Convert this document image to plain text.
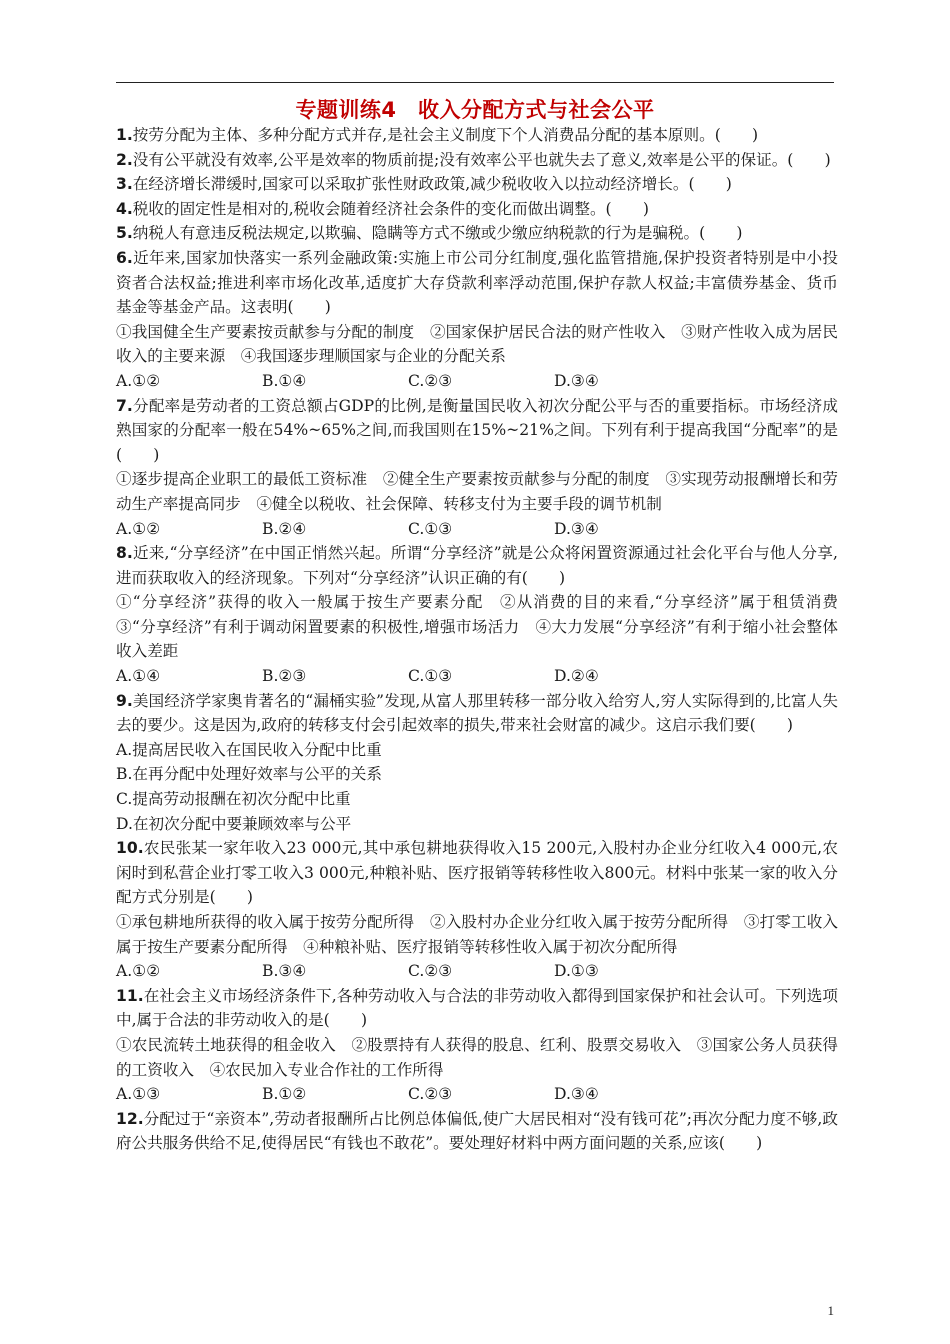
专题训练4　收入分配方式与社会公平

1.按劳分配为主体、多种分配方式并存,是社会主义制度下个人消费品分配的基本原则。(　　)

2.没有公平就没有效率,公平是效率的物质前提;没有效率公平也就失去了意义,效率是公平的保证。(　　)

3.在经济增长滞缓时,国家可以采取扩张性财政政策,减少税收收入以拉动经济增长。(　　)

4.税收的固定性是相对的,税收会随着经济社会条件的变化而做出调整。(　　)

5.纳税人有意违反税法规定,以欺骗、隐瞒等方式不缴或少缴应纳税款的行为是骗税。(　　)

6.近年来,国家加快落实一系列金融政策:实施上市公司分红制度,强化监管措施,保护投资者特别是中小投资者合法权益;推进利率市场化改革,适度扩大存贷款利率浮动范围,保护存款人权益;丰富债券基金、货币基金等基金产品。这表明(　　)

①我国健全生产要素按贡献参与分配的制度　②国家保护居民合法的财产性收入　③财产性收入成为居民收入的主要来源　④我国逐步理顺国家与企业的分配关系

A.①②	B.①④	C.②③	D.③④

7.分配率是劳动者的工资总额占GDP的比例,是衡量国民收入初次分配公平与否的重要指标。市场经济成熟国家的分配率一般在54%~65%之间,而我国则在15%~21%之间。下列有利于提高我国“分配率”的是(　　)

①逐步提高企业职工的最低工资标准　②健全生产要素按贡献参与分配的制度　③实现劳动报酬增长和劳动生产率提高同步　④健全以税收、社会保障、转移支付为主要手段的调节机制

A.①②	B.②④	C.①③	D.③④

8.近来,“分享经济”在中国正悄然兴起。所谓“分享经济”就是公众将闲置资源通过社会化平台与他人分享,进而获取收入的经济现象。下列对“分享经济”认识正确的有(　　)

①“分享经济”获得的收入一般属于按生产要素分配　②从消费的目的来看,“分享经济”属于租赁消费　③“分享经济”有利于调动闲置要素的积极性,增强市场活力　④大力发展“分享经济”有利于缩小社会整体收入差距

A.①④	B.②③	C.①③	D.②④

9.美国经济学家奥肯著名的“漏桶实验”发现,从富人那里转移一部分收入给穷人,穷人实际得到的,比富人失去的要少。这是因为,政府的转移支付会引起效率的损失,带来社会财富的减少。这启示我们要(　　)

A.提高居民收入在国民收入分配中比重

B.在再分配中处理好效率与公平的关系

C.提高劳动报酬在初次分配中比重

D.在初次分配中要兼顾效率与公平

10.农民张某一家年收入23 000元,其中承包耕地获得收入15 200元,入股村办企业分红收入4 000元,农闲时到私营企业打零工收入3 000元,种粮补贴、医疗报销等转移性收入800元。材料中张某一家的收入分配方式分别是(　　)

①承包耕地所获得的收入属于按劳分配所得　②入股村办企业分红收入属于按劳分配所得　③打零工收入属于按生产要素分配所得　④种粮补贴、医疗报销等转移性收入属于初次分配所得

A.①②	B.③④	C.②③	D.①③

11.在社会主义市场经济条件下,各种劳动收入与合法的非劳动收入都得到国家保护和社会认可。下列选项中,属于合法的非劳动收入的是(　　)

①农民流转土地获得的租金收入　②股票持有人获得的股息、红利、股票交易收入　③国家公务人员获得的工资收入　④农民加入专业合作社的工作所得

A.①③	B.①②	C.②③	D.③④

12.分配过于“亲资本”,劳动者报酬所占比例总体偏低,使广大居民相对“没有钱可花”;再次分配力度不够,政府公共服务供给不足,使得居民“有钱也不敢花”。要处理好材料中两方面问题的关系,应该(　　)

1
